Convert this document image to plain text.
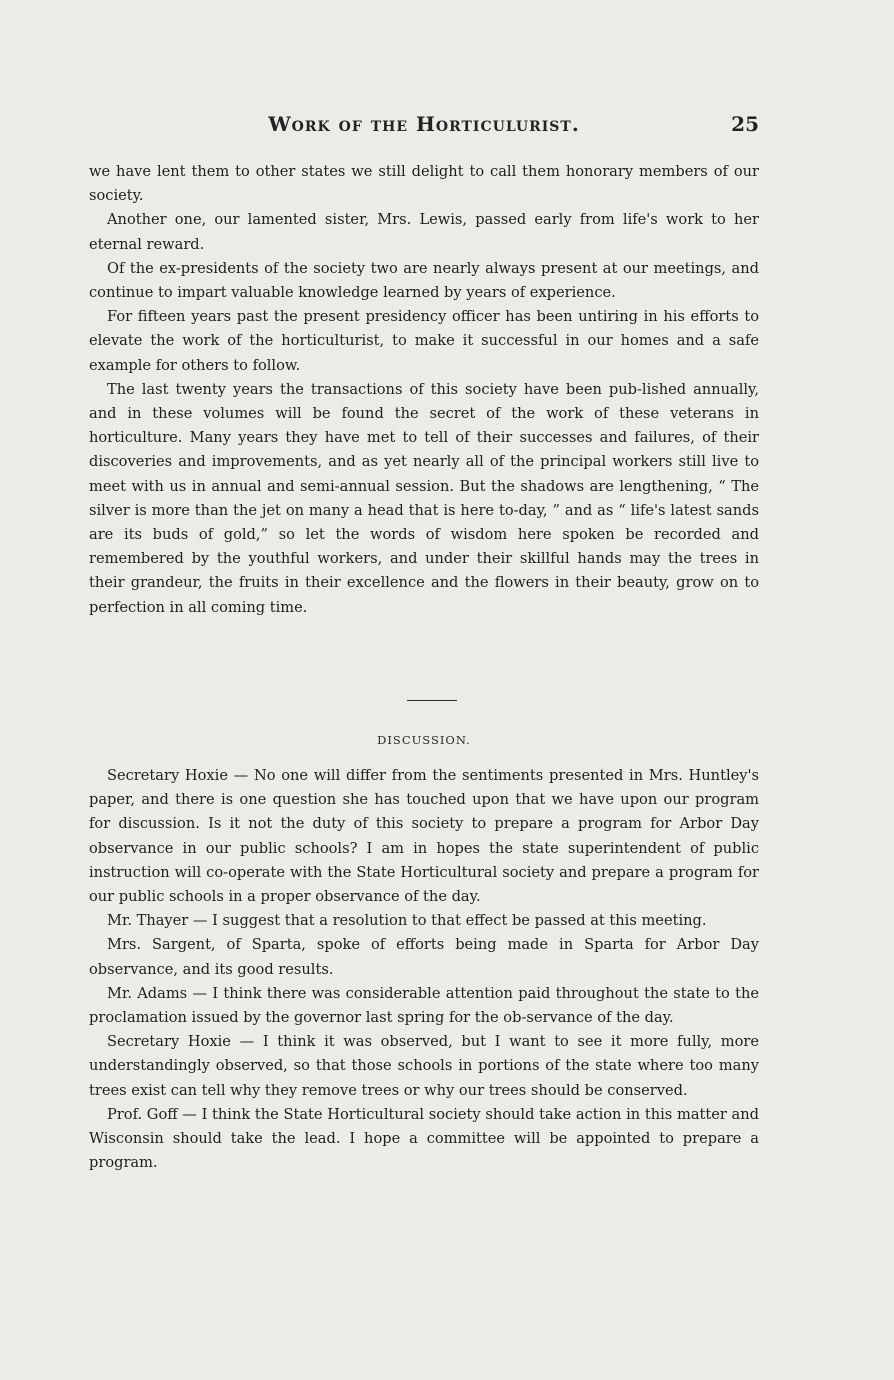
Work of the Horticulurist.	25

we have lent them to other states we still delight to call them honorary members of our society.

Another one, our lamented sister, Mrs. Lewis, passed early from life's work to her eternal reward.

Of the ex-presidents of the society two are nearly always present at our meetings, and continue to impart valuable knowledge learned by years of experience.

For fifteen years past the present presidency officer has been untiring in his efforts to elevate the work of the horticulturist, to make it successful in our homes and a safe example for others to follow.

The last twenty years the transactions of this society have been pub-lished annually, and in these volumes will be found the secret of the work of these veterans in horticulture. Many years they have met to tell of their successes and failures, of their discoveries and improvements, and as yet nearly all of the principal workers still live to meet with us in annual and semi-annual session. But the shadows are lengthening, “ The silver is more than the jet on many a head that is here to-day, ” and as “ life's latest sands are its buds of gold,” so let the words of wisdom here spoken be recorded and remembered by the youthful workers, and under their skillful hands may the trees in their grandeur, the fruits in their excellence and the flowers in their beauty, grow on to perfection in all coming time.

DISCUSSION.

Secretary Hoxie — No one will differ from the sentiments presented in Mrs. Huntley's paper, and there is one question she has touched upon that we have upon our program for discussion. Is it not the duty of this society to prepare a program for Arbor Day observance in our public schools? I am in hopes the state superintendent of public instruction will co-operate with the State Horticultural society and prepare a program for our public schools in a proper observance of the day.

Mr. Thayer — I suggest that a resolution to that effect be passed at this meeting.

Mrs. Sargent, of Sparta, spoke of efforts being made in Sparta for Arbor Day observance, and its good results.

Mr. Adams — I think there was considerable attention paid throughout the state to the proclamation issued by the governor last spring for the ob-servance of the day.

Secretary Hoxie — I think it was observed, but I want to see it more fully, more understandingly observed, so that those schools in portions of the state where too many trees exist can tell why they remove trees or why our trees should be conserved.

Prof. Goff — I think the State Horticultural society should take action in this matter and Wisconsin should take the lead. I hope a committee will be appointed to prepare a program.
